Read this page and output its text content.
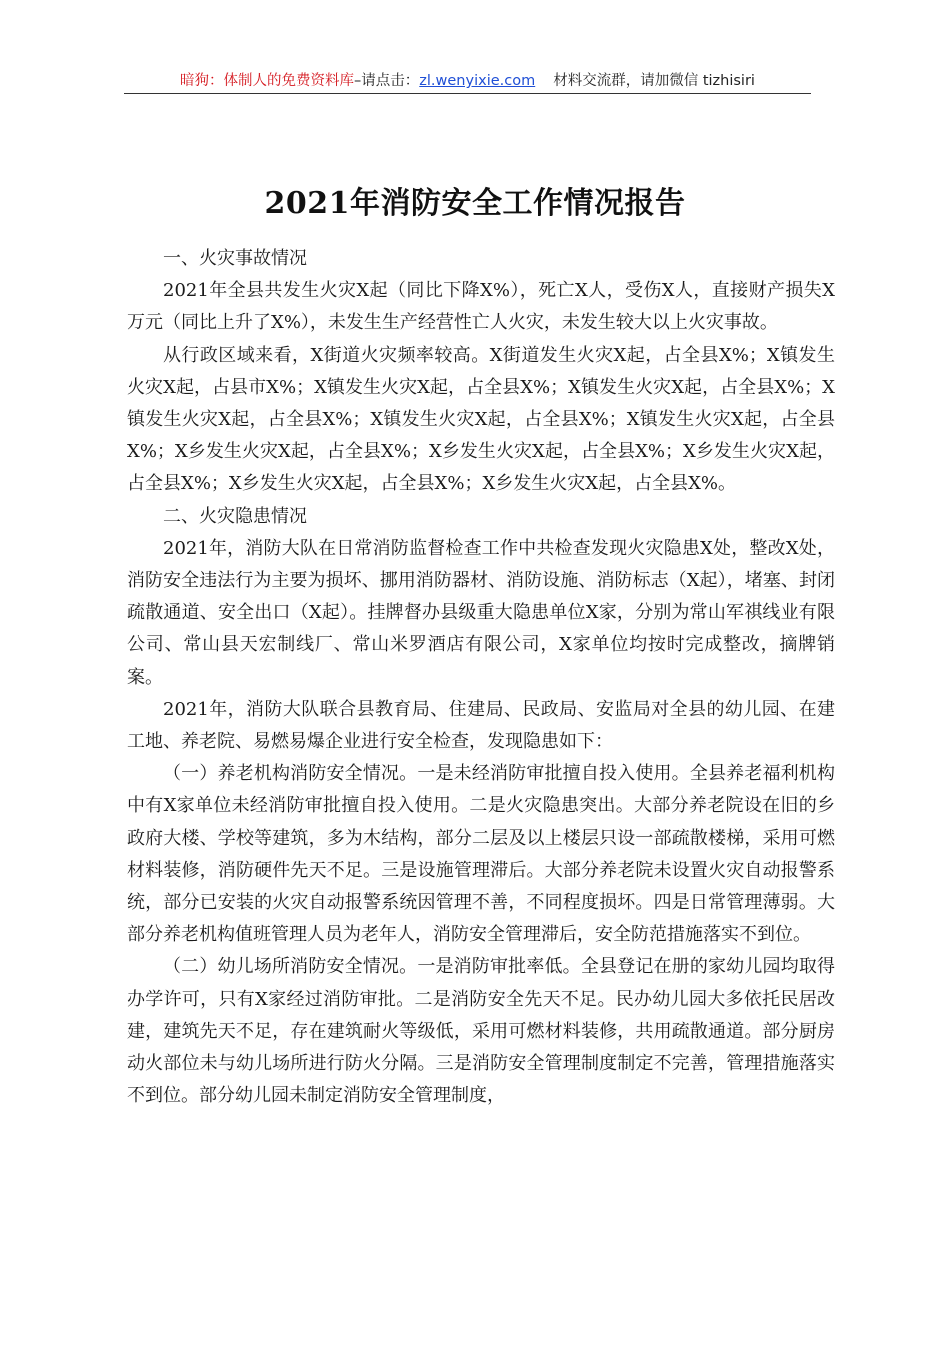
暗狗：体制人的免费资料库–请点击：zl.wenyixie.com 材料交流群，请加微信 tizhisiri
2021年消防安全工作情况报告

一、火灾事故情况

2021年全县共发生火灾X起（同比下降X%），死亡X人，受伤X人，直接财产损失X万元（同比上升了X%），未发生生产经营性亡人火灾，未发生较大以上火灾事故。

从行政区域来看，X街道火灾频率较高。X街道发生火灾X起，占全县X%；X镇发生火灾X起，占县市X%；X镇发生火灾X起，占全县X%；X镇发生火灾X起，占全县X%；X镇发生火灾X起，占全县X%；X镇发生火灾X起，占全县X%；X镇发生火灾X起，占全县X%；X乡发生火灾X起，占全县X%；X乡发生火灾X起，占全县X%；X乡发生火灾X起，占全县X%；X乡发生火灾X起，占全县X%；X乡发生火灾X起，占全县X%。

二、火灾隐患情况

2021年，消防大队在日常消防监督检查工作中共检查发现火灾隐患X处，整改X处，消防安全违法行为主要为损坏、挪用消防器材、消防设施、消防标志（X起），堵塞、封闭疏散通道、安全出口（X起）。挂牌督办县级重大隐患单位X家，分别为常山军祺线业有限公司、常山县天宏制线厂、常山米罗酒店有限公司，X家单位均按时完成整改，摘牌销案。

2021年，消防大队联合县教育局、住建局、民政局、安监局对全县的幼儿园、在建工地、养老院、易燃易爆企业进行安全检查，发现隐患如下：

（一）养老机构消防安全情况。一是未经消防审批擅自投入使用。全县养老福利机构中有X家单位未经消防审批擅自投入使用。二是火灾隐患突出。大部分养老院设在旧的乡政府大楼、学校等建筑，多为木结构，部分二层及以上楼层只设一部疏散楼梯，采用可燃材料装修，消防硬件先天不足。三是设施管理滞后。大部分养老院未设置火灾自动报警系统，部分已安装的火灾自动报警系统因管理不善，不同程度损坏。四是日常管理薄弱。大部分养老机构值班管理人员为老年人，消防安全管理滞后，安全防范措施落实不到位。

（二）幼儿场所消防安全情况。一是消防审批率低。全县登记在册的家幼儿园均取得办学许可，只有X家经过消防审批。二是消防安全先天不足。民办幼儿园大多依托民居改建，建筑先天不足，存在建筑耐火等级低，采用可燃材料装修，共用疏散通道。部分厨房动火部位未与幼儿场所进行防火分隔。三是消防安全管理制度制定不完善，管理措施落实不到位。部分幼儿园未制定消防安全管理制度，
